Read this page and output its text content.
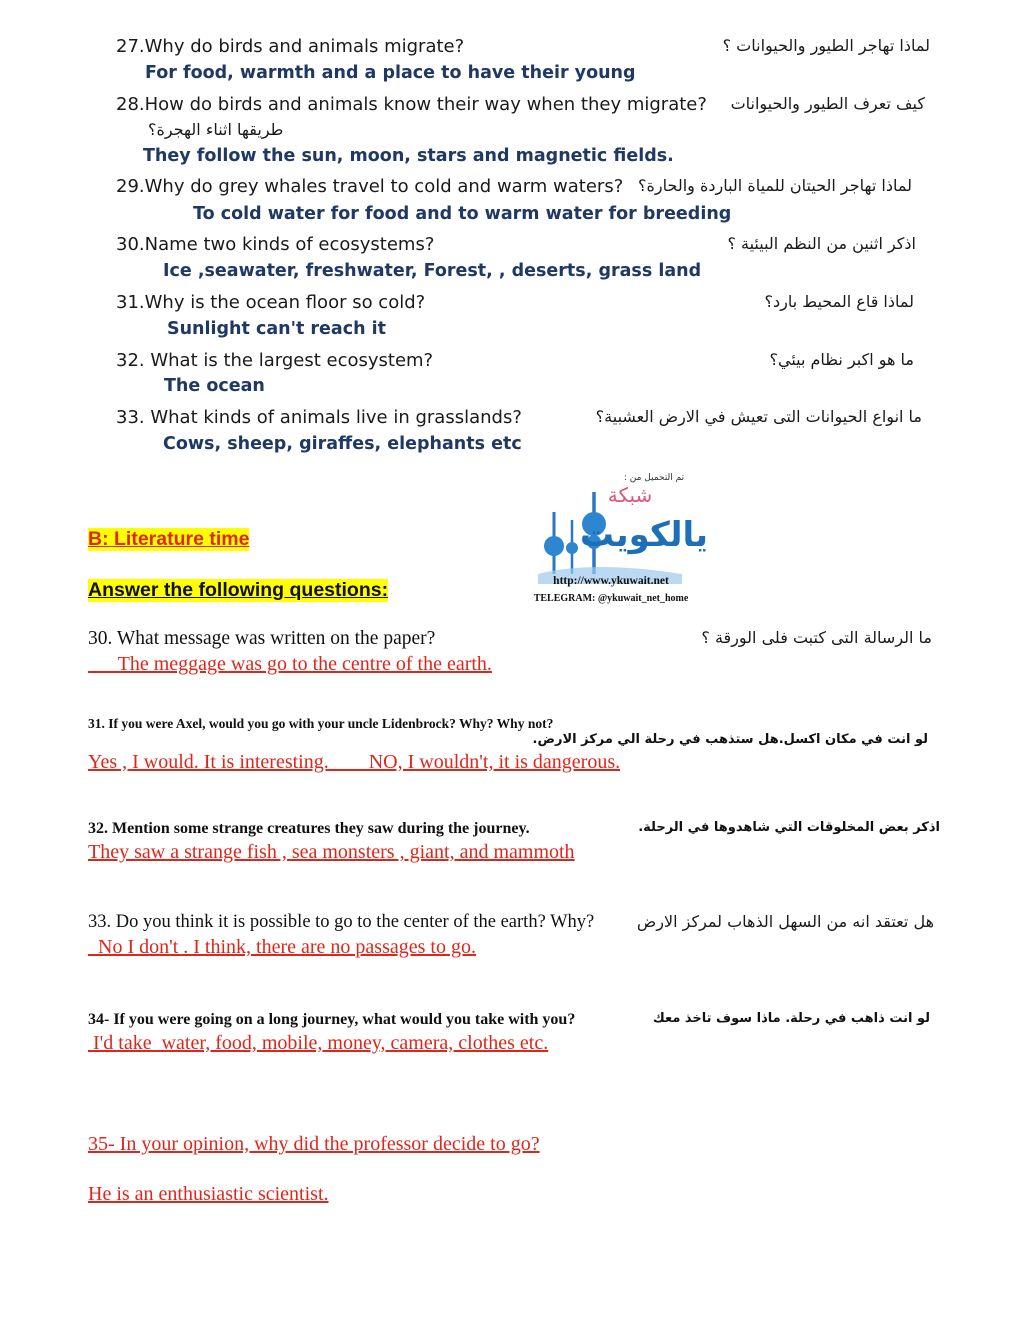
27.Why do birds and animals migrate?	لماذا تهاجر الطيور والحيوانات ؟
For food, warmth and a place to have their young
28.How do birds and animals know their way when they migrate? كيف تعرف الطيور والحيوانات
طريقها اثناء الهجرة؟
They follow the sun, moon, stars and magnetic fields.
29.Why do grey whales travel to cold and warm waters? لماذا تهاجر الحيتان للمياة الباردة والحارة؟
To cold water for food and to warm water for breeding
30.Name two kinds of ecosystems?	اذكر اثنين من النظم البيئية ؟
Ice ,seawater, freshwater, Forest, , deserts, grass land
31.Why is the ocean floor so cold?	لماذا قاع المحيط بارد؟
Sunlight can't reach it
32. What is the largest ecosystem?	ما هو اكبر نظام بيئي؟
The ocean
33. What kinds of animals live in grasslands?	ما انواع الحيوانات التى تعيش في الارض العشبية؟
Cows, sheep, giraffes, elephants etc
تم التحميل من :
شبكة
يالكويت
http://www.ykuwait.net
TELEGRAM: @ykuwait_net_home
B: Literature time
Answer the following questions:
30. What message was written on the paper?	ما الرسالة التى كتبت فلى الورقة ؟
The meggage was go to the centre of the earth.
31. If you were Axel, would you go with your uncle Lidenbrock? Why? Why not?
لو انت في مكان اكسل.هل ستذهب في رحلة الي مركز الارض.
Yes , I would. It is interesting.        NO, I wouldn't, it is dangerous.
32. Mention some strange creatures they saw during the journey.	اذكر بعض المخلوقات التي شاهدوها في الرحلة.
They saw a strange fish , sea monsters , giant, and mammoth
33. Do you think it is possible to go to the center of the earth? Why?	هل تعتقد انه من السهل الذهاب لمركز الارض
No I don't . I think, there are no passages to go.
34- If you were going on a long journey, what would you take with you?	لو انت ذاهب في رحلة. ماذا سوف تاخذ معك
I'd take  water, food, mobile, money, camera, clothes etc.
35- In your opinion, why did the professor decide to go?
He is an enthusiastic scientist.
